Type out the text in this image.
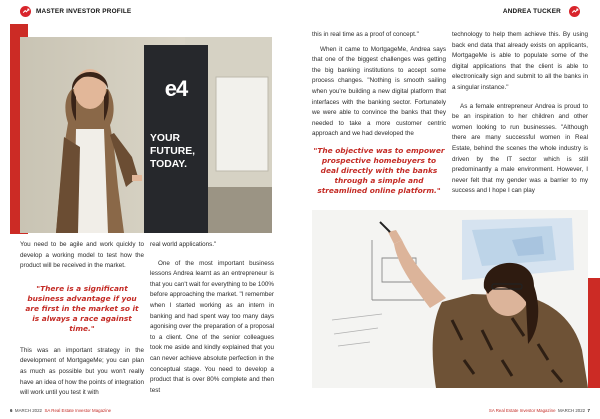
MASTER INVESTOR PROFILE
e4
YOUR
FUTURE,
TODAY.

You need to be agile and work quickly to develop a working model to test how the product will be received in the market.

"There is a significant business advantage if you are first in the market so it is always a race against time."

This was an important strategy in the development of MortgageMe; you can plan as much as possible but you won't really have an idea of how the points of integration will work until you test it with

real world applications."

One of the most important business lessons Andrea learnt as an entrepreneur is that you can't wait for everything to be 100% before approaching the market. "I remember when I started working as an intern in banking and had spent way too many days agonising over the preparation of a proposal to a client. One of the senior colleagues took me aside and kindly explained that you can never achieve absolute perfection in the conceptual stage. You need to develop a product that is over 80% complete and then test

6 MARCH 2022 SA Real Estate Investor Magazine
ANDREA TUCKER

this in real time as a proof of concept."

When it came to MortgageMe, Andrea says that one of the biggest challenges was getting the big banking institutions to accept some process changes. "Nothing is smooth sailing when you're building a new digital platform that interfaces with the banking sector. Fortunately we were able to convince the banks that they needed to take a more customer centric approach and we had developed the

"The objective was to empower prospective homebuyers to deal directly with the banks through a simple and streamlined online platform."

technology to help them achieve this. By using back end data that already exists on applicants, MortgageMe is able to populate some of the digital applications that the client is able to electronically sign and submit to all the banks in a singular instance."

As a female entrepreneur Andrea is proud to be an inspiration to her children and other women looking to run businesses. "Although there are many successful women in Real Estate, behind the scenes the whole industry is driven by the IT sector which is still predominantly a male environment. However, I never felt that my gender was a barrier to my success and I hope I can play

SA Real Estate Investor Magazine MARCH 2022 7
